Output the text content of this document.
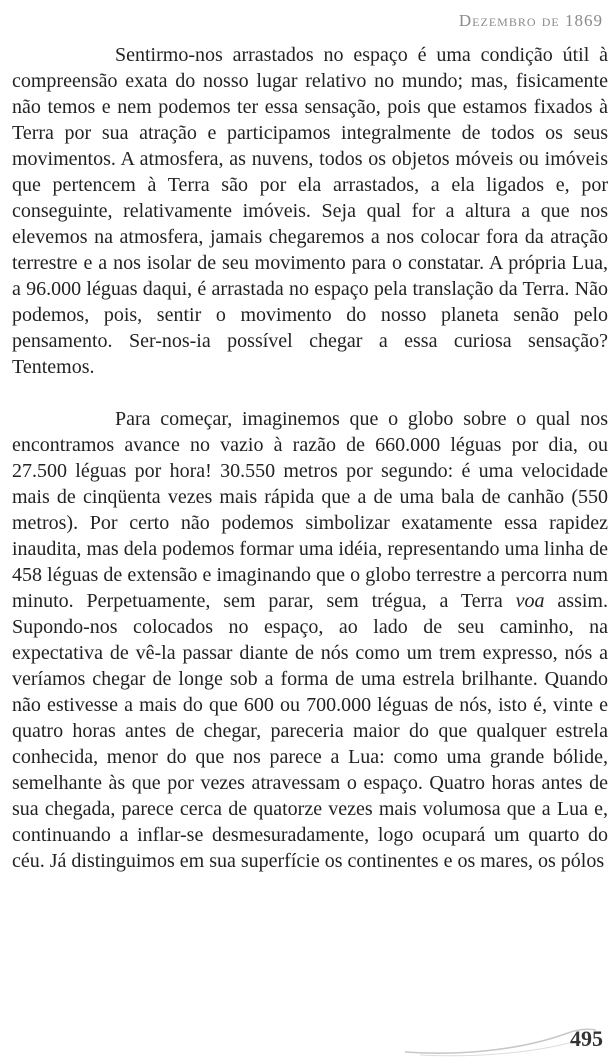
Dezembro de 1869

Sentirmo-nos arrastados no espaço é uma condição útil à compreensão exata do nosso lugar relativo no mundo; mas, fisicamente não temos e nem podemos ter essa sensação, pois que estamos fixados à Terra por sua atração e participamos integralmente de todos os seus movimentos. A atmosfera, as nuvens, todos os objetos móveis ou imóveis que pertencem à Terra são por ela arrastados, a ela ligados e, por conseguinte, relativamente imóveis. Seja qual for a altura a que nos elevemos na atmosfera, jamais chegaremos a nos colocar fora da atração terrestre e a nos isolar de seu movimento para o constatar. A própria Lua, a 96.000 léguas daqui, é arrastada no espaço pela translação da Terra. Não podemos, pois, sentir o movimento do nosso planeta senão pelo pensamento. Ser-nos-ia possível chegar a essa curiosa sensação? Tentemos.

Para começar, imaginemos que o globo sobre o qual nos encontramos avance no vazio à razão de 660.000 léguas por dia, ou 27.500 léguas por hora! 30.550 metros por segundo: é uma velocidade mais de cinqüenta vezes mais rápida que a de uma bala de canhão (550 metros). Por certo não podemos simbolizar exatamente essa rapidez inaudita, mas dela podemos formar uma idéia, representando uma linha de 458 léguas de extensão e imaginando que o globo terrestre a percorra num minuto. Perpetuamente, sem parar, sem trégua, a Terra voa assim. Supondo-nos colocados no espaço, ao lado de seu caminho, na expectativa de vê-la passar diante de nós como um trem expresso, nós a veríamos chegar de longe sob a forma de uma estrela brilhante. Quando não estivesse a mais do que 600 ou 700.000 léguas de nós, isto é, vinte e quatro horas antes de chegar, pareceria maior do que qualquer estrela conhecida, menor do que nos parece a Lua: como uma grande bólide, semelhante às que por vezes atravessam o espaço. Quatro horas antes de sua chegada, parece cerca de quatorze vezes mais volumosa que a Lua e, continuando a inflar-se desmesuradamente, logo ocupará um quarto do céu. Já distinguimos em sua superfície os continentes e os mares, os pólos

495
